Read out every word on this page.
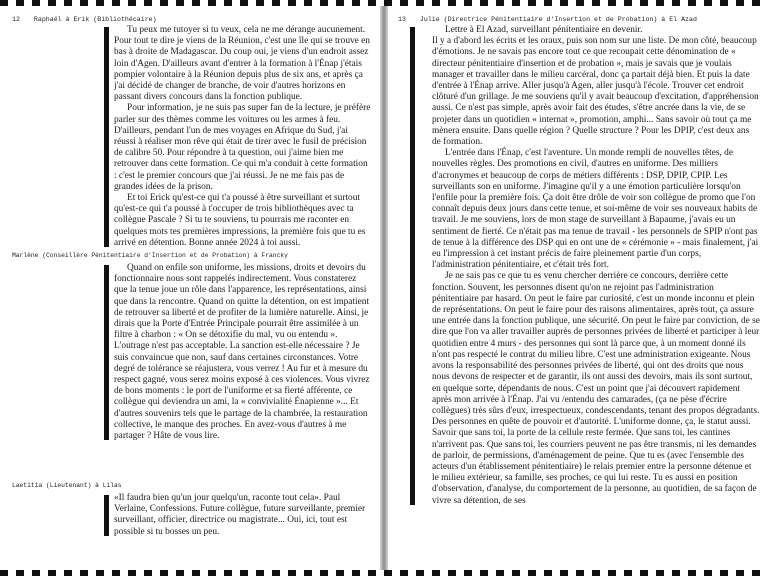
12 Raphaël à Erik (Bibliothécaire)

Tu peux me tutoyer si tu veux, cela ne me dérange aucunement. Pour tout te dire je viens de la Réunion, c'est une île qui se trouve en bas à droite de Madagascar. Du coup oui, je viens d'un endroit assez loin d'Agen. D'ailleurs avant d'entrer à la formation à l'Énap j'étais pompier volontaire à la Réunion depuis plus de six ans, et après ça j'ai décidé de changer de branche, de voir d'autres horizons en passant divers concours dans la fonction publique.

Pour information, je ne suis pas super fan de la lecture, je préfère parler sur des thèmes comme les voitures ou les armes à feu. D'ailleurs, pendant l'un de mes voyages en Afrique du Sud, j'ai réussi à réaliser mon rêve qui était de tirer avec le fusil de précision de calibre 50. Pour répondre à ta question, oui j'aime bien me retrouver dans cette formation. Ce qui m'a conduit à cette formation : c'est le premier concours que j'ai réussi. Je ne me fais pas de grandes idées de la prison.

Et toi Erick qu'est-ce qui t'a poussé à être surveillant et surtout qu'est-ce qui t'a poussé à t'occuper de trois bibliothèques avec ta collègue Pascale ? Si tu te souviens, tu pourrais me raconter en quelques mots tes premières impressions, la première fois que tu es arrivé en détention. Bonne année 2024 à toi aussi.

Marlène (Conseillère Pénitentiaire d'Insertion et de Probation) à Francky

Quand on enfile son uniforme, les missions, droits et devoirs du fonctionnaire nous sont rappelés indirectement. Vous constaterez que la tenue joue un rôle dans l'apparence, les représentations, ainsi que dans la rencontre. Quand on quitte la détention, on est impatient de retrouver sa liberté et de profiter de la lumière naturelle. Ainsi, je dirais que la Porte d'Entrée Principale pourrait être assimilée à un filtre à charbon : « On se détoxifie du mal, vu ou entendu ». L'outrage n'est pas acceptable. La sanction est-elle nécessaire ? Je suis convaincue que non, sauf dans certaines circonstances. Votre degré de tolérance se réajustera, vous verrez ! Au fur et à mesure du respect gagné, vous serez moins exposé à ces violences. Vous vivrez de bons moments : le port de l'uniforme et sa fierté afférente, ce collègue qui deviendra un ami, la « convivialité Énapienne »... Et d'autres souvenirs tels que le partage de la chambrée, la restauration collective, le manque des proches. En avez-vous d'autres à me partager ? Hâte de vous lire.

Laetitia (Lieutenant) à Lilas

«Il faudra bien qu'un jour quelqu'un, raconte tout cela». Paul Verlaine, Confessions. Future collègue, future surveillante, premier surveillant, officier, directrice ou magistrate... Oui, ici, tout est possible si tu bosses un peu.

13 Julie (Directrice Pénitentiaire d'Insertion et de Probation) à El Azad

Lettre à El Azad, surveillant pénitentiaire en devenir.

Il y a d'abord les écrits et les oraux, puis son nom sur une liste. De mon côté, beaucoup d'émotions. Je ne savais pas encore tout ce que recoupait cette dénomination de « directeur pénitentiaire d'insertion et de probation », mais je savais que je voulais manager et travailler dans le milieu carcéral, donc ça partait déjà bien. Et puis la date d'entrée à l'Énap arrive. Aller jusqu'à Agen, aller jusqu'à l'école. Trouver cet endroit clôturé d'un grillage. Je me souviens qu'il y avait beaucoup d'excitation, d'appréhension aussi. Ce n'est pas simple, après avoir fait des études, s'être ancrée dans la vie, de se projeter dans un quotidien « internat », promotion, amphi... Sans savoir où tout ça me mènera ensuite. Dans quelle région ? Quelle structure ? Pour les DPIP, c'est deux ans de formation.

L'entrée dans l'Énap, c'est l'aventure. Un monde rempli de nouvelles têtes, de nouvelles règles. Des promotions en civil, d'autres en uniforme. Des milliers d'acronymes et beaucoup de corps de métiers différents : DSP, DPIP, CPIP. Les surveillants son en uniforme. J'imagine qu'il y a une émotion particulière lorsqu'on l'enfile pour la première fois. Ça doit être drôle de voir son collègue de promo que l'on connaît depuis deux jours dans cette tenue, et soi-même de voir ses nouveaux habits de travail. Je me souviens, lors de mon stage de surveillant à Bapaume, j'avais eu un sentiment de fierté. Ce n'était pas ma tenue de travail - les personnels de SPIP n'ont pas de tenue à la différence des DSP qui en ont une de « cérémonie » - mais finalement, j'ai eu l'impression à cet instant précis de faire pleinement partie d'un corps, l'administration pénitentiaire, et c'était très fort.

Je ne sais pas ce que tu es venu chercher derrière ce concours, derrière cette fonction. Souvent, les personnes disent qu'on ne rejoint pas l'administration pénitentiaire par hasard. On peut le faire par curiosité, c'est un monde inconnu et plein de représentations. On peut le faire pour des raisons alimentaires, après tout, ça assure une entrée dans la fonction publique, une sécurité. On peut le faire par conviction, de se dire que l'on va aller travailler auprès de personnes privées de liberté et participer à leur quotidien entre 4 murs - des personnes qui sont là parce que, à un moment donné ils n'ont pas respecté le contrat du milieu libre. C'est une administration exigeante. Nous avons la responsabilité des personnes privées de liberté, qui ont des droits que nous nous devons de respecter et de garantir, ils ont aussi des devoirs, mais ils sont surtout, en quelque sorte, dépendants de nous. C'est un point que j'ai découvert rapidement après mon arrivée à l'Énap. J'ai vu /entendu des camarades, (ça ne pèse d'écrire collègues) très sûrs d'eux, irrespectueux, condescendants, tenant des propos dégradants. Des personnes en quête de pouvoir et d'autorité. L'uniforme donne, ça, le statut aussi. Savoir que sans toi, la porte de la cellule reste fermée. Que sans toi, les cantines n'arrivent pas. Que sans toi, les courriers peuvent ne pas être transmis, ni les demandes de parloir, de permissions, d'aménagement de peine. Que tu es (avec l'ensemble des acteurs d'un établissement pénitentiaire) le relais premier entre la personne détenue et le milieu extérieur, sa famille, ses proches, ce qui lui reste. Tu es aussi en position d'observation, d'analyse, du comportement de la personne, au quotidien, de sa façon de vivre sa détention, de ses
